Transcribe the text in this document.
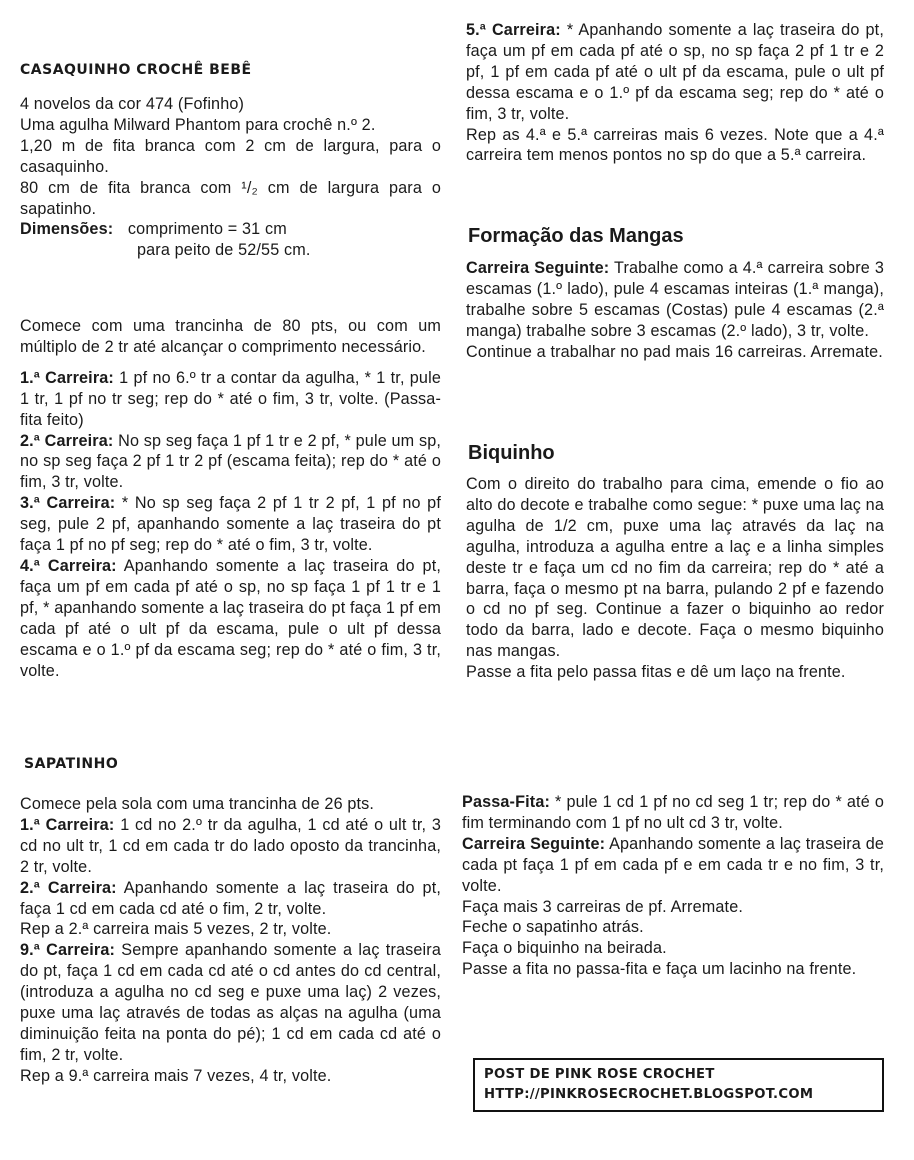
CASAQUINHO CROCHÊ BEBÊ

4 novelos da cor 474 (Fofinho)

Uma agulha Milward Phantom para crochê n.º 2.

1,20 m de fita branca com 2 cm de largura, para o casaquinho.

80 cm de fita branca com ¹/₂ cm de largura para o sapatinho.

Dimensões: comprimento = 31 cm

para peito de 52/55 cm.

Comece com uma trancinha de 80 pts, ou com um múltiplo de 2 tr até alcançar o comprimento necessário.

1.ª Carreira: 1 pf no 6.º tr a contar da agulha, * 1 tr, pule 1 tr, 1 pf no tr seg; rep do * até o fim, 3 tr, volte. (Passa-fita feito)

2.ª Carreira: No sp seg faça 1 pf 1 tr e 2 pf, * pule um sp, no sp seg faça 2 pf 1 tr 2 pf (escama feita); rep do * até o fim, 3 tr, volte.

3.ª Carreira: * No sp seg faça 2 pf 1 tr 2 pf, 1 pf no pf seg, pule 2 pf, apanhando somente a laç traseira do pt faça 1 pf no pf seg; rep do * até o fim, 3 tr, volte.

4.ª Carreira: Apanhando somente a laç traseira do pt, faça um pf em cada pf até o sp, no sp faça 1 pf 1 tr e 1 pf, * apanhando somente a laç traseira do pt faça 1 pf em cada pf até o ult pf da escama, pule o ult pf dessa escama e o 1.º pf da escama seg; rep do * até o fim, 3 tr, volte.

5.ª Carreira: * Apanhando somente a laç traseira do pt, faça um pf em cada pf até o sp, no sp faça 2 pf 1 tr e 2 pf, 1 pf em cada pf até o ult pf da escama, pule o ult pf dessa escama e o 1.º pf da escama seg; rep do * até o fim, 3 tr, volte.

Rep as 4.ª e 5.ª carreiras mais 6 vezes. Note que a 4.ª carreira tem menos pontos no sp do que a 5.ª carreira.

Formação das Mangas

Carreira Seguinte: Trabalhe como a 4.ª carreira sobre 3 escamas (1.º lado), pule 4 escamas inteiras (1.ª manga), trabalhe sobre 5 escamas (Costas) pule 4 escamas (2.ª manga) trabalhe sobre 3 escamas (2.º lado), 3 tr, volte.

Continue a trabalhar no pad mais 16 carreiras. Arremate.

Biquinho

Com o direito do trabalho para cima, emende o fio ao alto do decote e trabalhe como segue: * puxe uma laç na agulha de 1/2 cm, puxe uma laç através da laç na agulha, introduza a agulha entre a laç e a linha simples deste tr e faça um cd no fim da carreira; rep do * até a barra, faça o mesmo pt na barra, pulando 2 pf e fazendo o cd no pf seg. Continue a fazer o biquinho ao redor todo da barra, lado e decote. Faça o mesmo biquinho nas mangas.

Passe a fita pelo passa fitas e dê um laço na frente.

SAPATINHO

Comece pela sola com uma trancinha de 26 pts.

1.ª Carreira: 1 cd no 2.º tr da agulha, 1 cd até o ult tr, 3 cd no ult tr, 1 cd em cada tr do lado oposto da trancinha, 2 tr, volte.

2.ª Carreira: Apanhando somente a laç traseira do pt, faça 1 cd em cada cd até o fim, 2 tr, volte.

Rep a 2.ª carreira mais 5 vezes, 2 tr, volte.

9.ª Carreira: Sempre apanhando somente a laç traseira do pt, faça 1 cd em cada cd até o cd antes do cd central, (introduza a agulha no cd seg e puxe uma laç) 2 vezes, puxe uma laç através de todas as alças na agulha (uma diminuição feita na ponta do pé); 1 cd em cada cd até o fim, 2 tr, volte.

Rep a 9.ª carreira mais 7 vezes, 4 tr, volte.

Passa-Fita: * pule 1 cd 1 pf no cd seg 1 tr; rep do * até o fim terminando com 1 pf no ult cd 3 tr, volte.

Carreira Seguinte: Apanhando somente a laç traseira de cada pt faça 1 pf em cada pf e em cada tr e no fim, 3 tr, volte.

Faça mais 3 carreiras de pf. Arremate.

Feche o sapatinho atrás.

Faça o biquinho na beirada.

Passe a fita no passa-fita e faça um lacinho na frente.

POST DE PINK ROSE CROCHET
HTTP://PINKROSECROCHET.BLOGSPOT.COM
